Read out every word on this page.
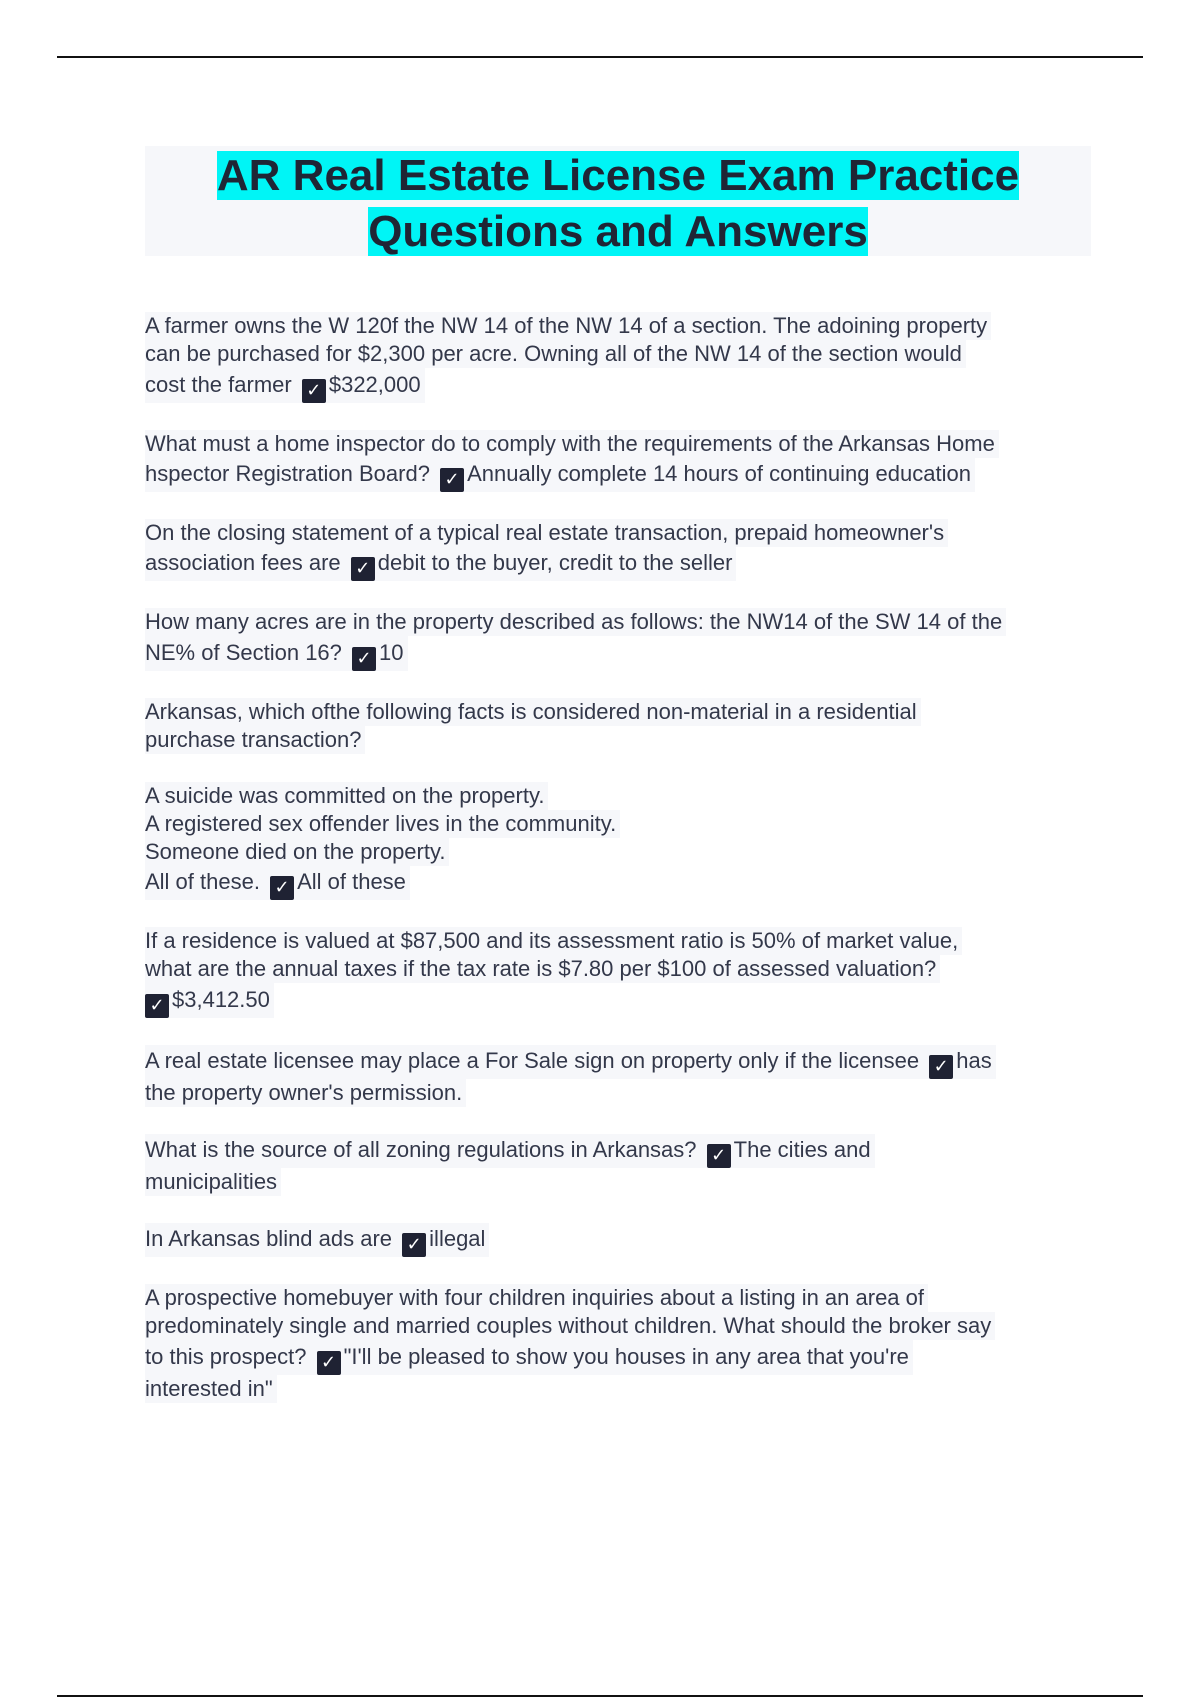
AR Real Estate License Exam Practice
Questions and Answers
A farmer owns the W 120f the NW 14 of the NW 14 of a section. The adoining property
can be purchased for $2,300 per acre. Owning all of the NW 14 of the section would
cost the farmer ✓ $322,000
What must a home inspector do to comply with the requirements of the Arkansas Home
hspector Registration Board? ✓ Annually complete 14 hours of continuing education
On the closing statement of a typical real estate transaction, prepaid homeowner's
association fees are ✓ debit to the buyer, credit to the seller
How many acres are in the property described as follows: the NW14 of the SW 14 of the
NE% of Section 16? ✓ 10
Arkansas, which ofthe following facts is considered non-material in a residential
purchase transaction?

A suicide was committed on the property.
A registered sex offender lives in the community.
Someone died on the property.
All of these. ✓ All of these
If a residence is valued at $87,500 and its assessment ratio is 50% of market value,
what are the annual taxes if the tax rate is $7.80 per $100 of assessed valuation?
✓ $3,412.50
A real estate licensee may place a For Sale sign on property only if the licensee ✓ has
the property owner's permission.
What is the source of all zoning regulations in Arkansas? ✓ The cities and
municipalities
In Arkansas blind ads are ✓ illegal
A prospective homebuyer with four children inquiries about a listing in an area of
predominately single and married couples without children. What should the broker say
to this prospect? ✓ "I'll be pleased to show you houses in any area that you're
interested in"
